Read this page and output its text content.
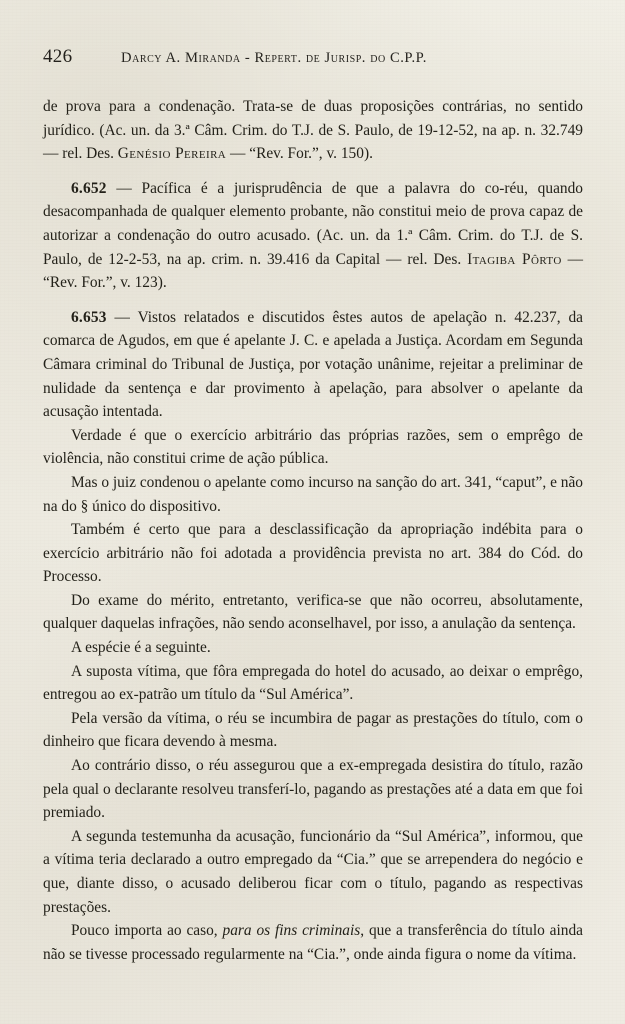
426	Darcy A. Miranda - Repert. de Jurisp. do C.P.P.

de prova para a condenação. Trata-se de duas proposições contrárias, no sentido jurídico. (Ac. un. da 3.ª Câm. Crim. do T.J. de S. Paulo, de 19-12-52, na ap. n. 32.749 — rel. Des. Genésio Pereira — “Rev. For.”, v. 150).

6.652 — Pacífica é a jurisprudência de que a palavra do co-réu, quando desacompanhada de qualquer elemento probante, não constitui meio de prova capaz de autorizar a condenação do outro acusado. (Ac. un. da 1.ª Câm. Crim. do T.J. de S. Paulo, de 12-2-53, na ap. crim. n. 39.416 da Capital — rel. Des. Itagiba Pôrto — “Rev. For.”, v. 123).

6.653 — Vistos relatados e discutidos êstes autos de apelação n. 42.237, da comarca de Agudos, em que é apelante J. C. e apelada a Justiça. Acordam em Segunda Câmara criminal do Tribunal de Justiça, por votação unânime, rejeitar a preliminar de nulidade da sentença e dar provimento à apelação, para absolver o apelante da acusação intentada.

Verdade é que o exercício arbitrário das próprias razões, sem o emprêgo de violência, não constitui crime de ação pública.

Mas o juiz condenou o apelante como incurso na sanção do art. 341, “caput”, e não na do § único do dispositivo.

Também é certo que para a desclassificação da apropriação indébita para o exercício arbitrário não foi adotada a providência prevista no art. 384 do Cód. do Processo.

Do exame do mérito, entretanto, verifica-se que não ocorreu, absolutamente, qualquer daquelas infrações, não sendo aconselhavel, por isso, a anulação da sentença.

A espécie é a seguinte.

A suposta vítima, que fôra empregada do hotel do acusado, ao deixar o emprêgo, entregou ao ex-patrão um título da “Sul América”.

Pela versão da vítima, o réu se incumbira de pagar as prestações do título, com o dinheiro que ficara devendo à mesma.

Ao contrário disso, o réu assegurou que a ex-empregada desistira do título, razão pela qual o declarante resolveu transferí-lo, pagando as prestações até a data em que foi premiado.

A segunda testemunha da acusação, funcionário da “Sul América”, informou, que a vítima teria declarado a outro empregado da “Cia.” que se arrependera do negócio e que, diante disso, o acusado deliberou ficar com o título, pagando as respectivas prestações.

Pouco importa ao caso, para os fins criminais, que a transferência do título ainda não se tivesse processado regularmente na “Cia.”, onde ainda figura o nome da vítima.
